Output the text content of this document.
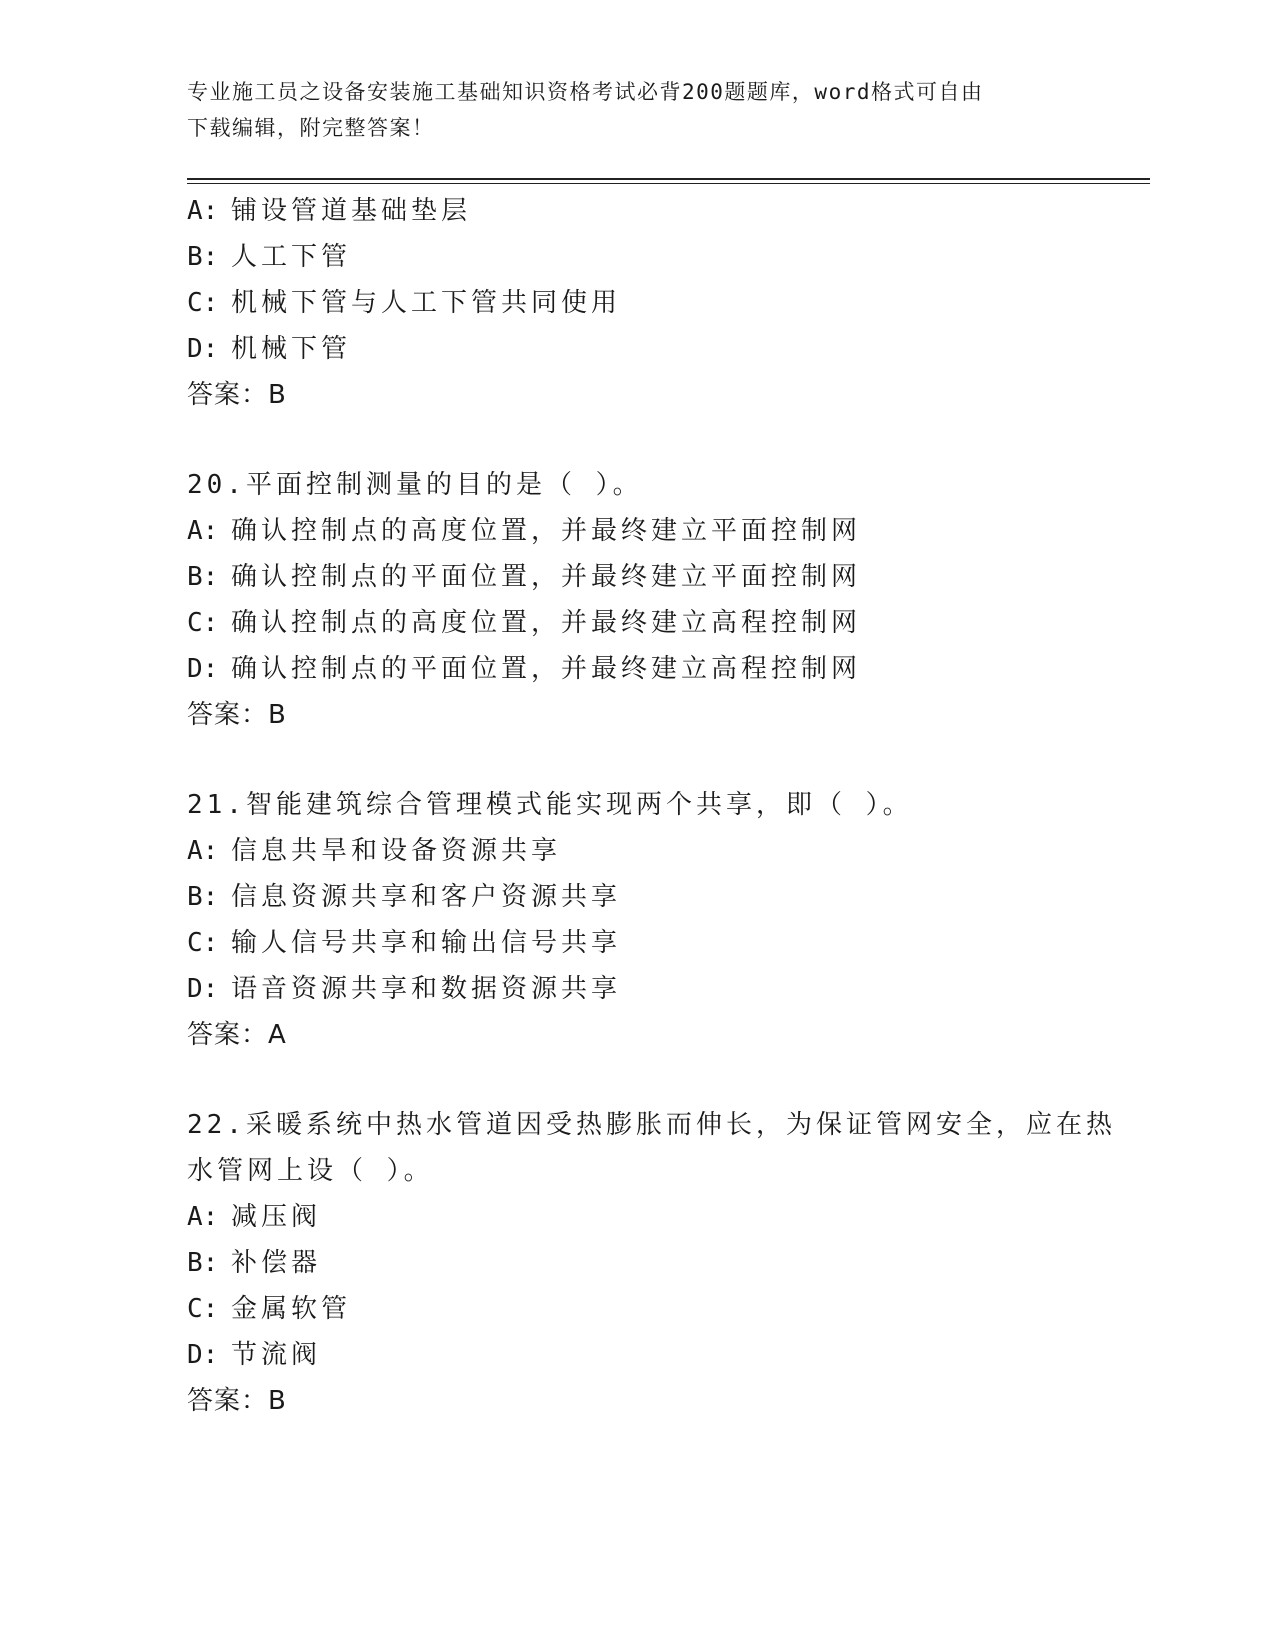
专业施工员之设备安装施工基础知识资格考试必背200题题库，word格式可自由
下载编辑，附完整答案！
A: 铺设管道基础垫层
B: 人工下管
C: 机械下管与人工下管共同使用
D: 机械下管
答案：B
20.平面控制测量的目的是（ ）。
A: 确认控制点的高度位置，并最终建立平面控制网
B: 确认控制点的平面位置，并最终建立平面控制网
C: 确认控制点的高度位置，并最终建立高程控制网
D: 确认控制点的平面位置，并最终建立高程控制网
答案：B
21.智能建筑综合管理模式能实现两个共享，即（ ）。
A: 信息共旱和设备资源共享
B: 信息资源共享和客户资源共享
C: 输人信号共享和输出信号共享
D: 语音资源共享和数据资源共享
答案：A
22.采暖系统中热水管道因受热膨胀而伸长，为保证管网安全，应在热
水管网上设（ ）。
A: 减压阀
B: 补偿器
C: 金属软管
D: 节流阀
答案：B
